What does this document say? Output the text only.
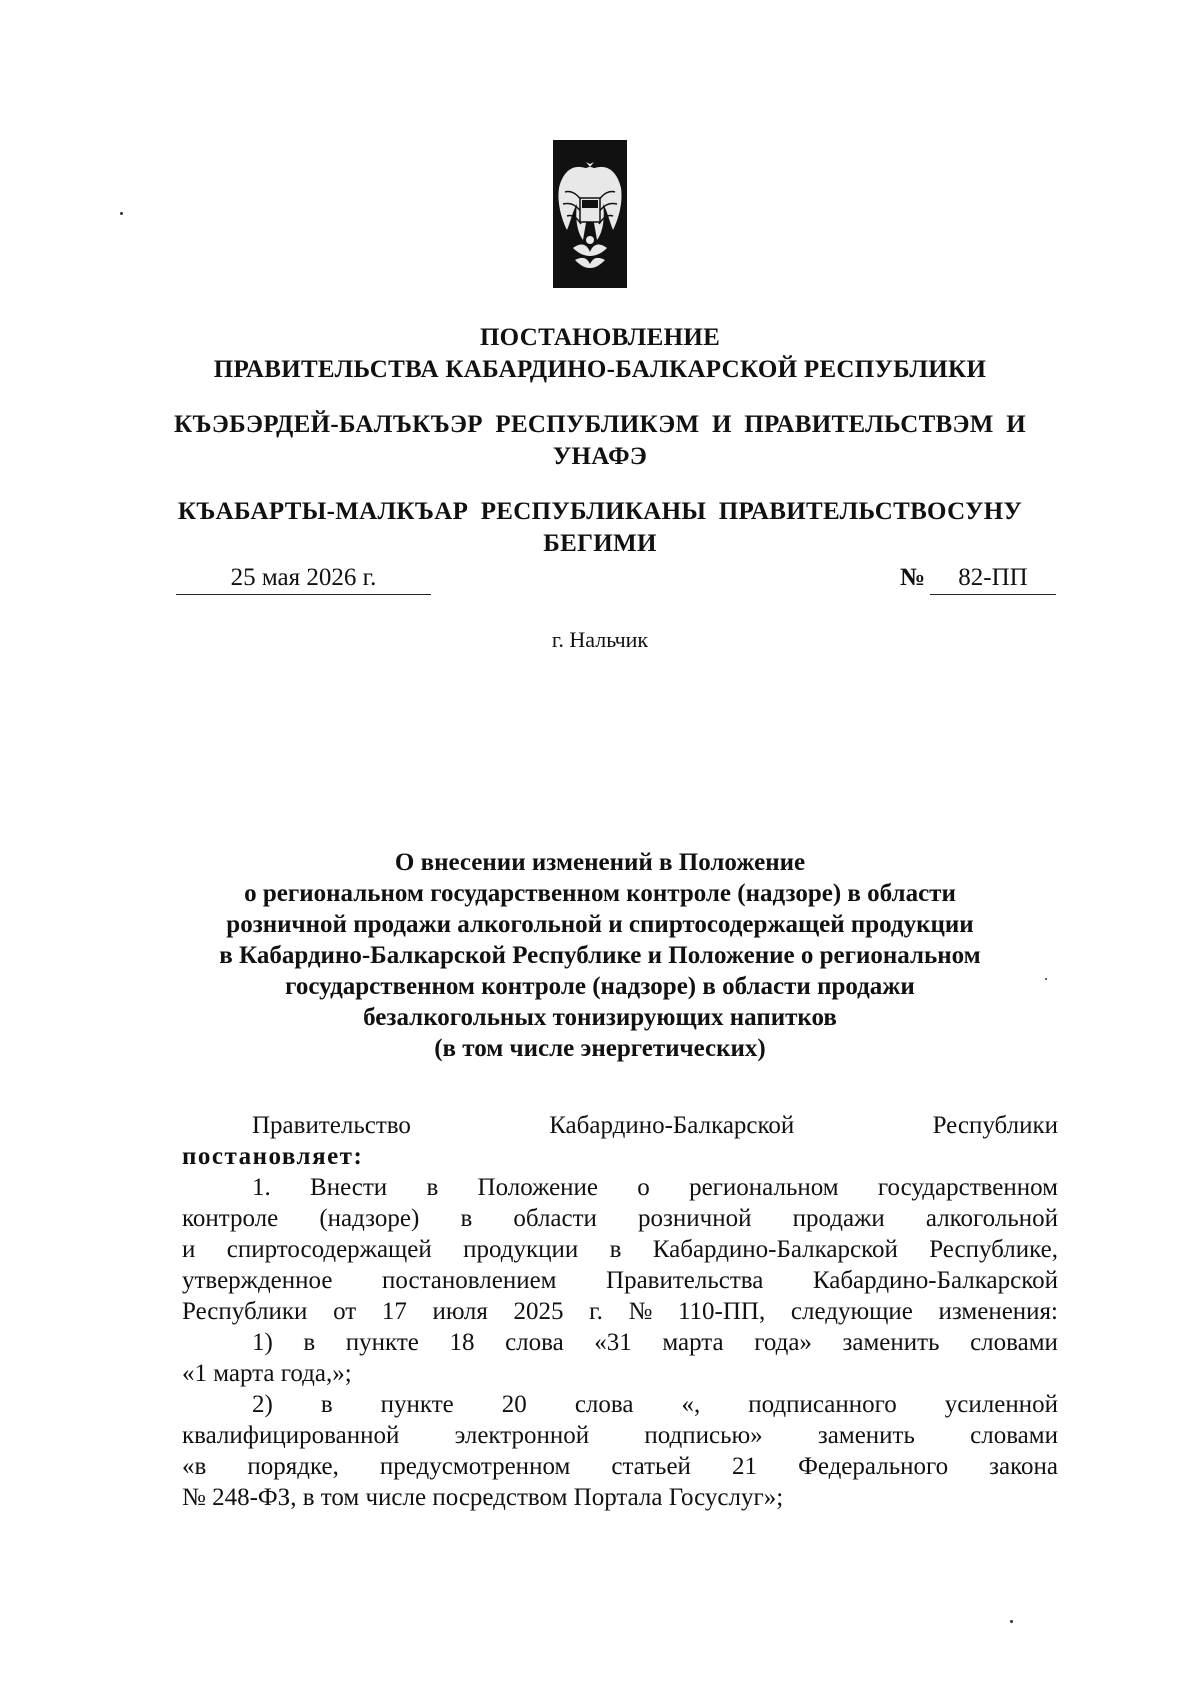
ПОСТАНОВЛЕНИЕ
ПРАВИТЕЛЬСТВА КАБАРДИНО-БАЛКАРСКОЙ РЕСПУБЛИКИ
КЪЭБЭРДЕЙ-БАЛЪКЪЭР РЕСПУБЛИКЭМ И ПРАВИТЕЛЬСТВЭМ И
УНАФЭ
КЪАБАРТЫ-МАЛКЪАР РЕСПУБЛИКАНЫ ПРАВИТЕЛЬСТВОСУНУ
БЕГИМИ
25 мая 2026 г.	№	82-ПП
г. Нальчик
О внесении изменений в Положение
о региональном государственном контроле (надзоре) в области
розничной продажи алкогольной и спиртосодержащей продукции
в Кабардино-Балкарской Республике и Положение о региональном
государственном контроле (надзоре) в области продажи
безалкогольных тонизирующих напитков
(в том числе энергетических)
Правительство	Кабардино-Балкарской	Республики
постановляет:
1. Внести в Положение о региональном государственном
контроле (надзоре) в области розничной продажи алкогольной
и спиртосодержащей продукции в Кабардино-Балкарской Республике,
утвержденное постановлением Правительства Кабардино-Балкарской
Республики от 17 июля 2025 г. № 110-ПП, следующие изменения:
1) в пункте 18 слова «31 марта года» заменить словами
«1 марта года,»;
2) в пункте 20 слова «, подписанного усиленной
квалифицированной электронной подписью» заменить словами
«в порядке, предусмотренном статьей 21 Федерального закона
№ 248-ФЗ, в том числе посредством Портала Госуслуг»;
